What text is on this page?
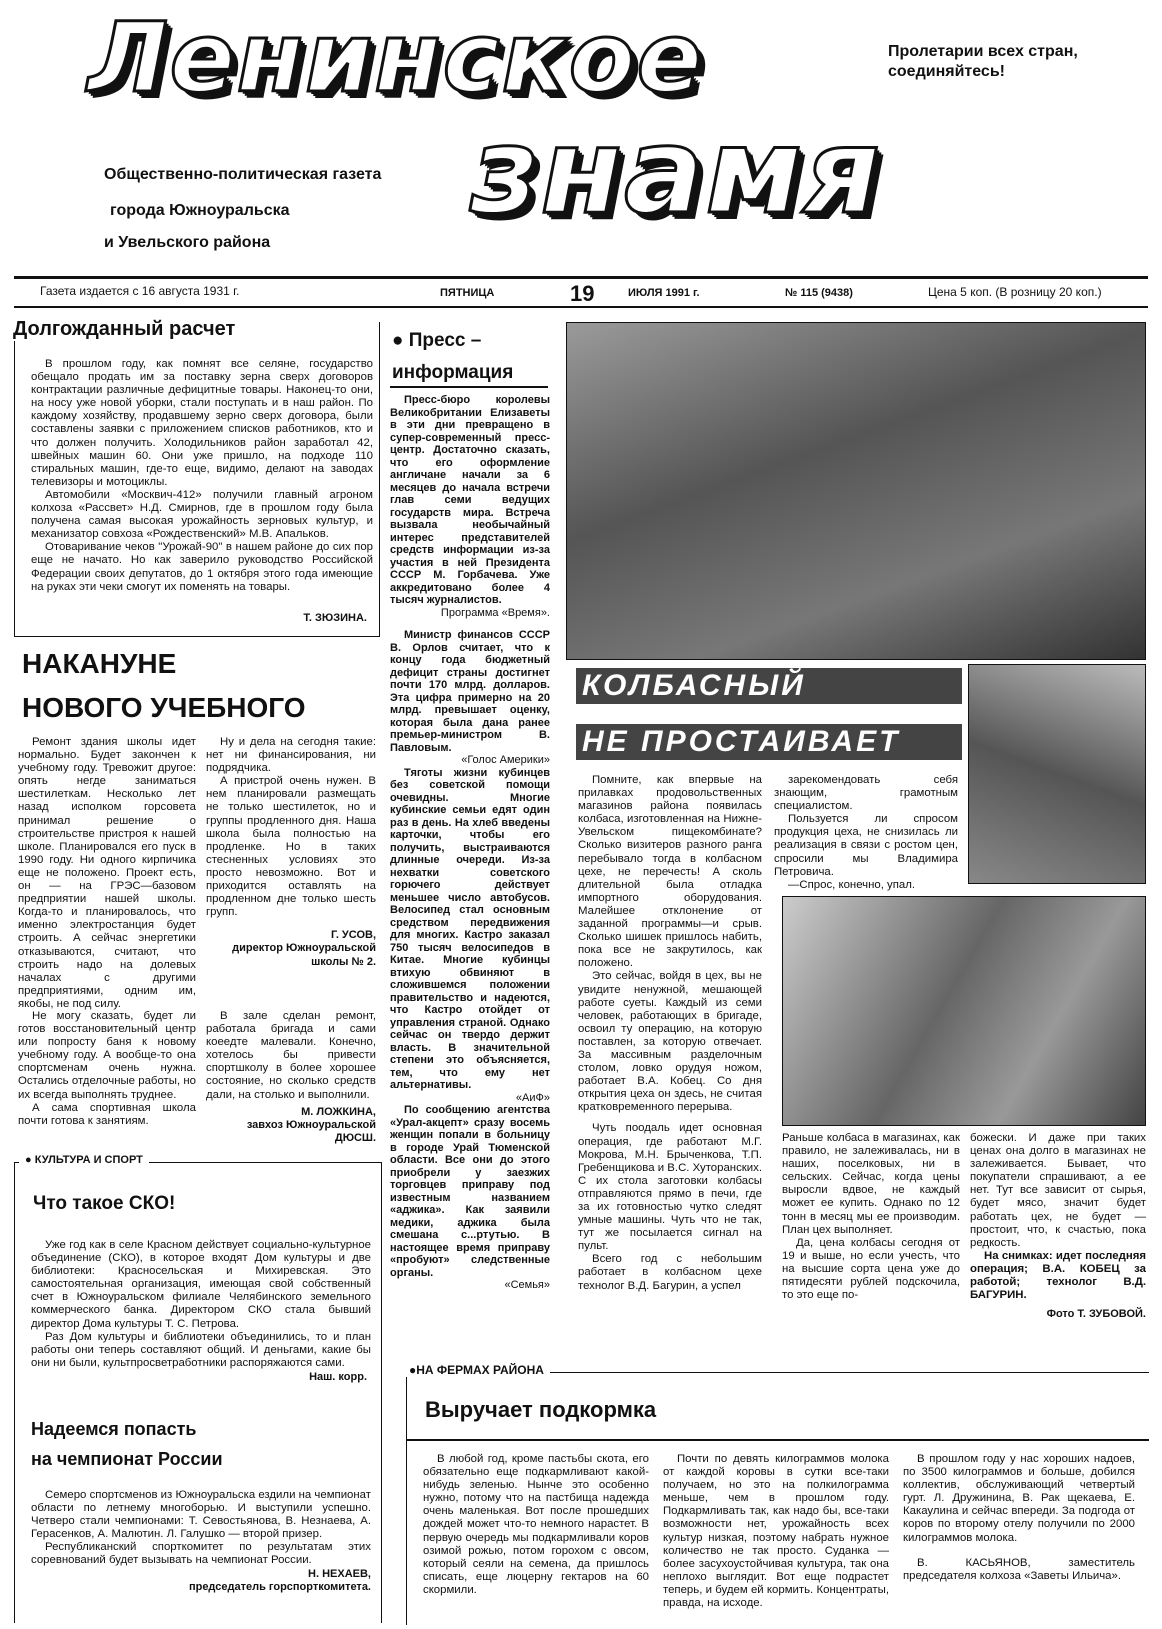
Ленинское
знамя
Пролетарии всех стран, соединяйтесь!
Общественно-политическая газета
города Южноуральска
и Увельского района
Газета издается с 16 августа 1931 г.	ПЯТНИЦА	19	ИЮЛЯ 1991 г.	№ 115 (9438)	Цена 5 коп. (В розницу 20 коп.)
Долгожданный расчет

В прошлом году, как помнят все селяне, государство обещало продать им за поставку зерна сверх договоров контрактации различные дефицитные товары. Наконец-то они, на носу уже новой уборки, стали поступать и в наш район. По каждому хозяйству, продавшему зерно сверх договора, были составлены заявки с приложением списков работников, кто и что должен получить. Холодильников район заработал 42, швейных машин 60. Они уже пришло, на подходе 110 стиральных машин, где-то еще, видимо, делают на заводах телевизоры и мотоциклы.

Автомобили «Москвич-412» получили главный агроном колхоза «Рассвет» Н.Д. Смирнов, где в прошлом году была получена самая высокая урожайность зерновых культур, и механизатор совхоза «Рождественский» М.В. Апальков.

Отоваривание чеков "Урожай-90" в нашем районе до сих пор еще не начато. Но как заверило руководство Российской Федерации своих депутатов, до 1 октября этого года имеющие на руках эти чеки смогут их поменять на товары.

Т. ЗЮЗИНА.
НАКАНУНЕ
НОВОГО УЧЕБНОГО

Ремонт здания школы идет нормально. Будет закончен к учебному году. Тревожит другое: опять негде заниматься шестилеткам. Несколько лет назад исполком горсовета принимал решение о строительстве пристроя к нашей школе. Планировался его пуск в 1990 году. Ни одного кирпичика еще не положено. Проект есть, он — на ГРЭС—базовом предприятии нашей школы. Когда-то и планировалось, что именно электростанция будет строить. А сейчас энергетики отказываются, считают, что строить надо на долевых началах с другими предприятиями, одним им, якобы, не под силу.

Ну и дела на сегодня такие: нет ни финансирования, ни подрядчика.

А пристрой очень нужен. В нем планировали размещать не только шестилеток, но и группы продленного дня. Наша школа была полностью на продленке. Но в таких стесненных условиях это просто невозможно. Вот и приходится оставлять на продленном дне только шесть групп.

Г. УСОВ,
директор Южноуральской школы № 2.

Не могу сказать, будет ли готов восстановительный центр или попросту баня к новому учебному году. А вообще-то она спортсменам очень нужна. Остались отделочные работы, но их всегда выполнять труднее.

А сама спортивная школа почти готова к занятиям.

В зале сделан ремонт, работала бригада и сами коеедте малевали. Конечно, хотелось бы привести спортшколу в более хорошее состояние, но сколько средств дали, на столько и выполнили.

М. ЛОЖКИНА,
завхоз Южноуральской ДЮСШ.
● КУЛЬТУРА И СПОРТ
Что такое СКО!

Уже год как в селе Красном действует социально-культурное объединение (СКО), в которое входят Дом культуры и две библиотеки: Красносельская и Михиревская. Это самостоятельная организация, имеющая свой собственный счет в Южноуральском филиале Челябинского земельного коммерческого банка. Директором СКО стала бывший директор Дома культуры Т. С. Петрова.

Раз Дом культуры и библиотеки объединились, то и план работы они теперь составляют общий. И деньгами, какие бы они ни были, культпросветработники распоряжаются сами.

Наш. корр.
Надеемся попасть
на чемпионат России

Семеро спортсменов из Южноуральска ездили на чемпионат области по летнему многоборью. И выступили успешно. Четверо стали чемпионами: Т. Севостьянова, В. Незнаева, А. Герасенков, А. Малютин. Л. Галушко — второй призер.

Республиканский спорткомитет по результатам этих соревнований будет вызывать на чемпионат России.

Н. НЕХАЕВ,
председатель горспорткомитета.
● Пресс –
информация

Пресс-бюро королевы Великобритании Елизаветы в эти дни превращено в супер-современный пресс-центр. Достаточно сказать, что его оформление англичане начали за 6 месяцев до начала встречи глав семи ведущих государств мира. Встреча вызвала необычайный интерес представителей средств информации из-за участия в ней Президента СССР М. Горбачева. Уже аккредитовано более 4 тысяч журналистов.

Программа «Время».

Министр финансов СССР В. Орлов считает, что к концу года бюджетный дефицит страны достигнет почти 170 млрд. долларов. Эта цифра примерно на 20 млрд. превышает оценку, которая была дана ранее премьер-министром В. Павловым.

«Голос Америки»

Тяготы жизни кубинцев без советской помощи очевидны. Многие кубинские семьи едят один раз в день. На хлеб введены карточки, чтобы его получить, выстраиваются длинные очереди. Из-за нехватки советского горючего действует меньшее число автобусов. Велосипед стал основным средством передвижения для многих. Кастро заказал 750 тысяч велосипедов в Китае. Многие кубинцы втихую обвиняют в сложившемся положении правительство и надеются, что Кастро отойдет от управления страной. Однако сейчас он твердо держит власть. В значительной степени это объясняется, тем, что ему нет альтернативы.

«АиФ»

По сообщению агентства «Урал-акцепт» сразу восемь женщин попали в больницу в городе Урай Тюменской области. Все они до этого приобрели у заезжих торговцев приправу под известным названием «аджика». Как заявили медики, аджика была смешана с...ртутью. В настоящее время приправу «пробуют» следственные органы.

«Семья»
КОЛБАСНЫЙ
НЕ ПРОСТАИВАЕТ

Помните, как впервые на прилавках продовольственных магазинов района появилась колбаса, изготовленная на Нижне-Увельском пищекомбинате? Сколько визитеров разного ранга перебывало тогда в колбасном цехе, не перечесть! А сколь длительной была отладка импортного оборудования. Малейшее отклонение от заданной программы—и срыв. Сколько шишек пришлось набить, пока все не закрутилось, как положено.

Это сейчас, войдя в цех, вы не увидите ненужной, мешающей работе суеты. Каждый из семи человек, работающих в бригаде, освоил ту операцию, на которую поставлен, за которую отвечает. За массивным разделочным столом, ловко орудуя ножом, работает В.А. Кобец. Со дня открытия цеха он здесь, не считая кратковременного перерыва.

Чуть поодаль идет основная операция, где работают М.Г. Мокрова, М.Н. Брыченкова, Т.П. Гребенщикова и В.С. Хуторанских. С их стола заготовки колбасы отправляются прямо в печи, где за их готовностью чутко следят умные машины. Чуть что не так, тут же посылается сигнал на пульт.

Всего год с небольшим работает в колбасном цехе технолог В.Д. Багурин, а успел

зарекомендовать себя знающим, грамотным специалистом.

Пользуется ли спросом продукция цеха, не снизилась ли реализация в связи с ростом цен, спросили мы Владимира Петровича.

—Спрос, конечно, упал.

Раньше колбаса в магазинах, как правило, не залеживалась, ни в наших, поселковых, ни в сельских. Сейчас, когда цены выросли вдвое, не каждый может ее купить. Однако по 12 тонн в месяц мы ее производим. План цех выполняет.

Да, цена колбасы сегодня от 19 и выше, но если учесть, что на высшие сорта цена уже до пятидесяти рублей подскочила, то это еще по-

божески. И даже при таких ценах она долго в магазинах не залеживается. Бывает, что покупатели спрашивают, а ее нет. Тут все зависит от сырья, будет мясо, значит будет работать цех, не будет —простоит, что, к счастью, пока редкость.

На снимках: идет последняя операция; В.А. КОБЕЦ за работой; технолог В.Д. БАГУРИН.

Фото Т. ЗУБОВОЙ.
●НА ФЕРМАХ РАЙОНА
Выручает подкормка

В любой год, кроме пастьбы скота, его обязательно еще подкармливают какой-нибудь зеленью. Нынче это особенно нужно, потому что на пастбища надежда очень маленькая. Вот после прошедших дождей может что-то немного нарастет. В первую очередь мы подкармливали коров озимой рожью, потом горохом с овсом, который сеяли на семена, да пришлось списать, еще люцерну гектаров на 60 скормили.

Почти по девять килограммов молока от каждой коровы в сутки все-таки получаем, но это на полкилограмма меньше, чем в прошлом году. Подкармливать так, как надо бы, все-таки возможности нет, урожайность всех культур низкая, поэтому набрать нужное количество не так просто. Суданка — более засухоустойчивая культура, так она неплохо выглядит. Вот еще подрастет теперь, и будем ей кормить. Концентраты, правда, на исходе.

В прошлом году у нас хороших надоев, по 3500 килограммов и больше, добился коллектив, обслуживающий четвертый гурт. Л. Дружинина, В. Рак щекаева, Е. Какаулина и сейчас впереди. За подгода от коров по второму отелу получили по 2000 килограммов молока.

В. КАСЬЯНОВ, заместитель председателя колхоза «Заветы Ильича».
